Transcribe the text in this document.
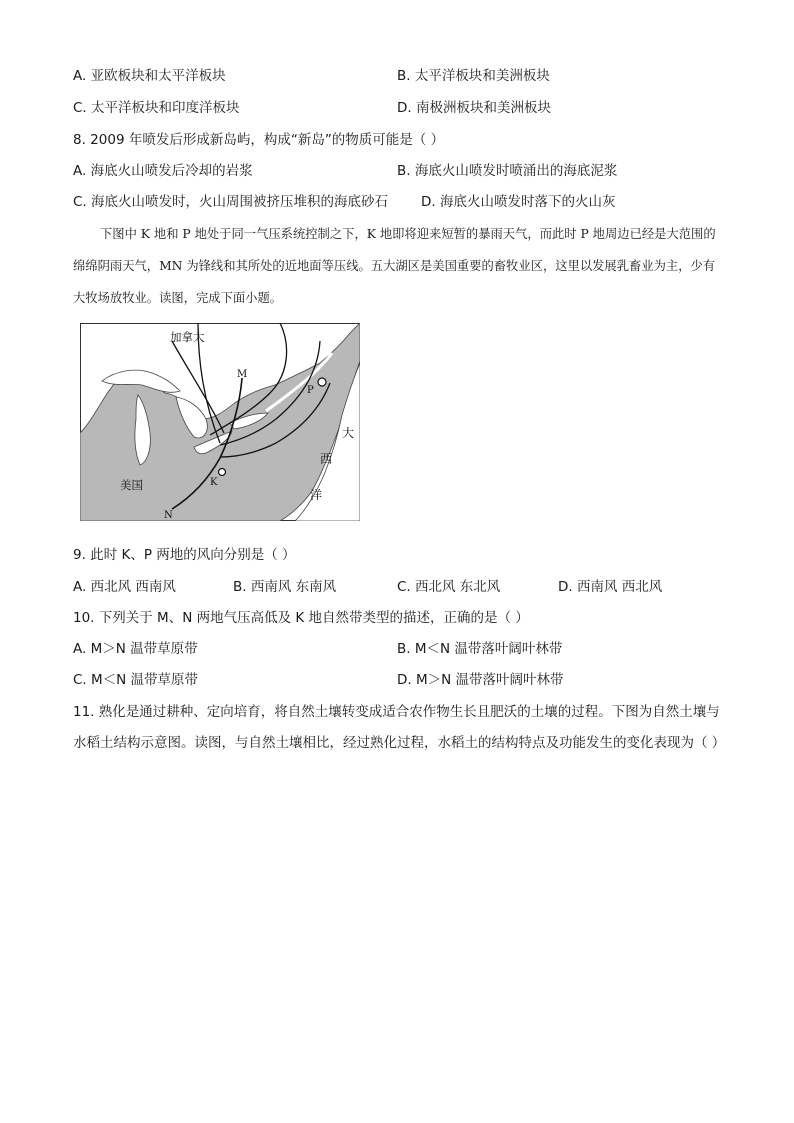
A. 亚欧板块和太平洋板块	B. 太平洋板块和美洲板块
C. 太平洋板块和印度洋板块	D. 南极洲板块和美洲板块
8. 2009 年喷发后形成新岛屿，构成“新岛”的物质可能是（ ）
A. 海底火山喷发后冷却的岩浆	B. 海底火山喷发时喷涌出的海底泥浆
C. 海底火山喷发时，火山周围被挤压堆积的海底砂石 D. 海底火山喷发时落下的火山灰
下图中 K 地和 P 地处于同一气压系统控制之下，K 地即将迎来短暂的暴雨天气，而此时 P 地周边已经是大范围的绵绵阴雨天气，MN 为锋线和其所处的近地面等压线。五大湖区是美国重要的畜牧业区，这里以发展乳畜业为主，少有大牧场放牧业。读图，完成下面小题。
加拿大
美国
M
N
K
P
大
西
洋
9. 此时 K、P 两地的风向分别是（ ）
A. 西北风 西南风	B. 西南风 东南风	C. 西北风 东北风	D. 西南风 西北风
10. 下列关于 M、N 两地气压高低及 K 地自然带类型的描述，正确的是（ ）
A. M＞N 温带草原带	B. M＜N 温带落叶阔叶林带
C. M＜N 温带草原带	D. M＞N 温带落叶阔叶林带
11. 熟化是通过耕种、定向培育，将自然土壤转变成适合农作物生长且肥沃的土壤的过程。下图为自然土壤与水稻土结构示意图。读图，与自然土壤相比，经过熟化过程，水稻土的结构特点及功能发生的变化表现为（ ）
